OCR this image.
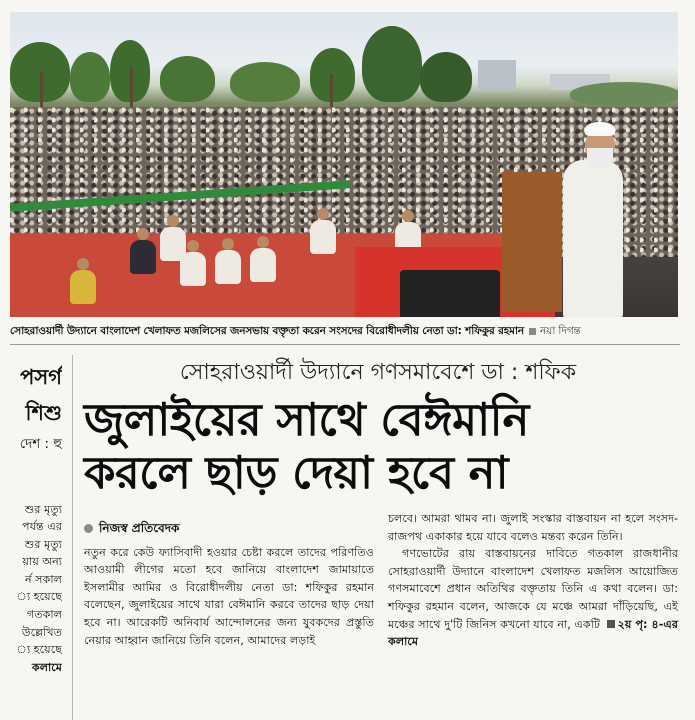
সোহরাওয়ার্দী উদ্যানে বাংলাদেশ খেলাফত মজলিসের জনসভায় বক্তৃতা করেন সংসদের বিরোধীদলীয় নেতা ডা: শফিকুর রহমান নয়া দিগন্ত
পসর্গ
শিশু
দেশ : হু
শুর মৃত্যু
পর্যন্ত এর
শুর মৃত্যু
য়ায় অন্য
র্ন সকাল
্য হয়েছে
গতকাল
উল্লেখিত
্য হয়েছে
কলামে
সোহরাওয়ার্দী উদ্যানে গণসমাবেশে ডা : শফিক
জুলাইয়ের সাথে বেঈমানি
করলে ছাড় দেয়া হবে না
নিজস্ব প্রতিবেদক

নতুন করে কেউ ফ্যাসিবাদী হওয়ার চেষ্টা করলে তাদের পরিণতিও আওয়ামী লীগের মতো হবে জানিয়ে বাংলাদেশ জামায়াতে ইসলামীর আমির ও বিরোধীদলীয় নেতা ডা: শফিকুর রহমান বলেছেন, জুলাইয়ের সাথে যারা বেঈমানি করবে তাদের ছাড় দেয়া হবে না। আরেকটি অনিবার্য আন্দোলনের জন্য যুবকদের প্রস্তুতি নেয়ার আহ্বান জানিয়ে তিনি বলেন, আমাদের লড়াই

চলবে। আমরা থামব না। জুলাই সংস্কার বাস্তবায়ন না হলে সংসদ-রাজপথ একাকার হয়ে যাবে বলেও মন্তব্য করেন তিনি।

গণভোটের রায় বাস্তবায়নের দাবিতে গতকাল রাজধানীর সোহরাওয়ার্দী উদ্যানে বাংলাদেশ খেলাফত মজলিস আয়োজিত গণসমাবেশে প্রধান অতিথির বক্তৃতায় তিনি এ কথা বলেন। ডা: শফিকুর রহমান বলেন, আজকে যে মঞ্চে আমরা দাঁড়িয়েছি, এই মঞ্চের সাথে দু'টি জিনিস কখনো যাবে না, একটি ২য় পৃ: ৪-এর কলামে
